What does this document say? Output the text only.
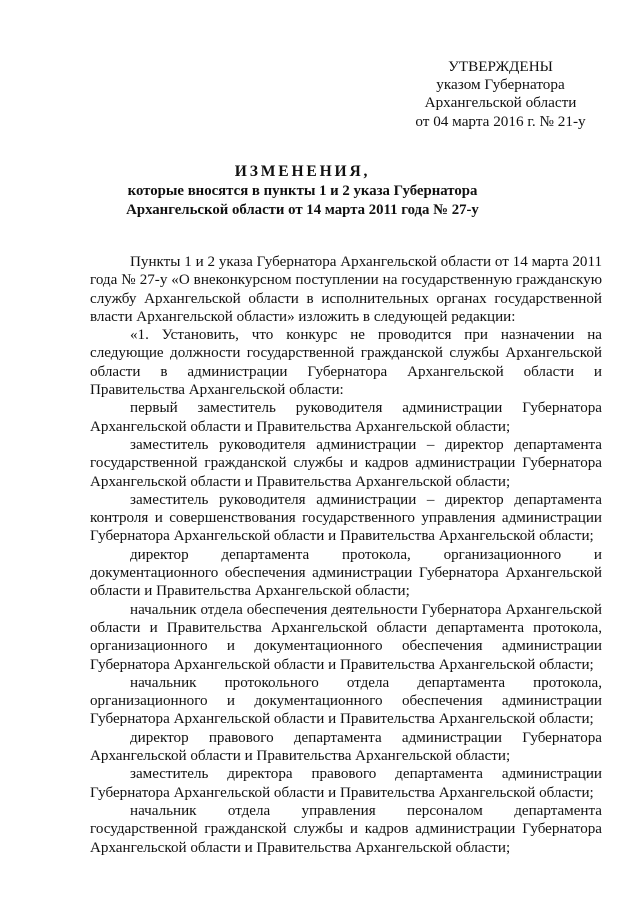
УТВЕРЖДЕНЫ
указом Губернатора
Архангельской области
от 04 марта 2016 г. № 21-у
ИЗМЕНЕНИЯ,
которые вносятся в пункты 1 и 2 указа Губернатора
Архангельской области от 14 марта 2011 года № 27-у

Пункты 1 и 2 указа Губернатора Архангельской области от 14 марта 2011 года № 27-у «О внеконкурсном поступлении на государственную гражданскую службу Архангельской области в исполнительных органах государственной власти Архангельской области» изложить в следующей редакции:

«1. Установить, что конкурс не проводится при назначении на следующие должности государственной гражданской службы Архангельской области в администрации Губернатора Архангельской области и Правительства Архангельской области:

первый заместитель руководителя администрации Губернатора Архангельской области и Правительства Архангельской области;

заместитель руководителя администрации – директор департамента государственной гражданской службы и кадров администрации Губернатора Архангельской области и Правительства Архангельской области;

заместитель руководителя администрации – директор департамента контроля и совершенствования государственного управления администрации Губернатора Архангельской области и Правительства Архангельской области;

директор департамента протокола, организационного и документационного обеспечения администрации Губернатора Архангельской области и Правительства Архангельской области;

начальник отдела обеспечения деятельности Губернатора Архангельской области и Правительства Архангельской области департамента протокола, организационного и документационного обеспечения администрации Губернатора Архангельской области и Правительства Архангельской области;

начальник протокольного отдела департамента протокола, организационного и документационного обеспечения администрации Губернатора Архангельской области и Правительства Архангельской области;

директор правового департамента администрации Губернатора Архангельской области и Правительства Архангельской области;

заместитель директора правового департамента администрации Губернатора Архангельской области и Правительства Архангельской области;

начальник отдела управления персоналом департамента государственной гражданской службы и кадров администрации Губернатора Архангельской области и Правительства Архангельской области;
